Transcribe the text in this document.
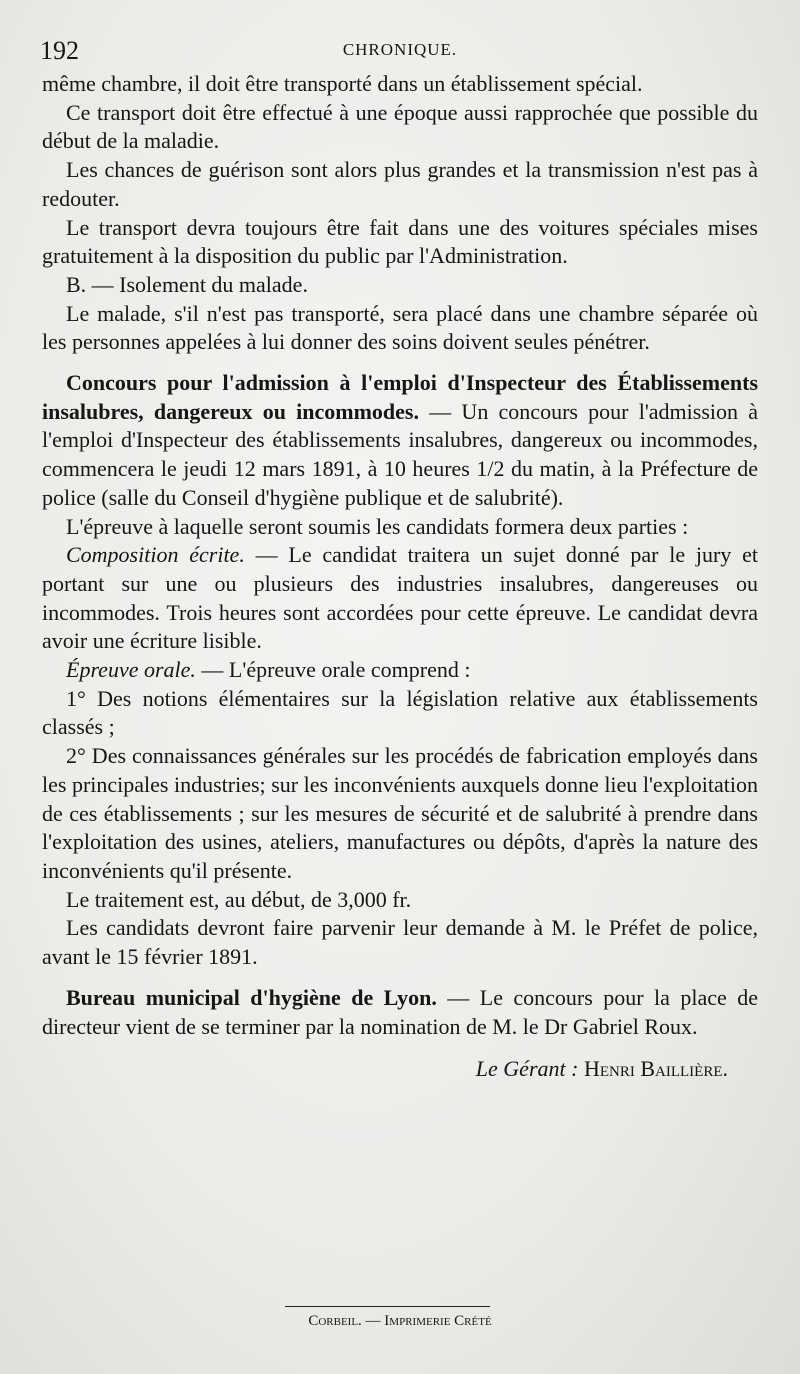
192	CHRONIQUE.

même chambre, il doit être transporté dans un établissement spécial.

Ce transport doit être effectué à une époque aussi rapprochée que possible du début de la maladie.

Les chances de guérison sont alors plus grandes et la transmission n'est pas à redouter.

Le transport devra toujours être fait dans une des voitures spéciales mises gratuitement à la disposition du public par l'Administration.

B. — Isolement du malade.

Le malade, s'il n'est pas transporté, sera placé dans une chambre séparée où les personnes appelées à lui donner des soins doivent seules pénétrer.

Concours pour l'admission à l'emploi d'Inspecteur des Établissements insalubres, dangereux ou incommodes. — Un concours pour l'admission à l'emploi d'Inspecteur des établissements insalubres, dangereux ou incommodes, commencera le jeudi 12 mars 1891, à 10 heures 1/2 du matin, à la Préfecture de police (salle du Conseil d'hygiène publique et de salubrité).

L'épreuve à laquelle seront soumis les candidats formera deux parties :

Composition écrite. — Le candidat traitera un sujet donné par le jury et portant sur une ou plusieurs des industries insalubres, dangereuses ou incommodes. Trois heures sont accordées pour cette épreuve. Le candidat devra avoir une écriture lisible.

Épreuve orale. — L'épreuve orale comprend :

1° Des notions élémentaires sur la législation relative aux établissements classés ;

2° Des connaissances générales sur les procédés de fabrication employés dans les principales industries; sur les inconvénients auxquels donne lieu l'exploitation de ces établissements ; sur les mesures de sécurité et de salubrité à prendre dans l'exploitation des usines, ateliers, manufactures ou dépôts, d'après la nature des inconvénients qu'il présente.

Le traitement est, au début, de 3,000 fr.

Les candidats devront faire parvenir leur demande à M. le Préfet de police, avant le 15 février 1891.

Bureau municipal d'hygiène de Lyon. — Le concours pour la place de directeur vient de se terminer par la nomination de M. le Dr Gabriel Roux.

Le Gérant : Henri Baillière.

Corbeil. — Imprimerie Crété
